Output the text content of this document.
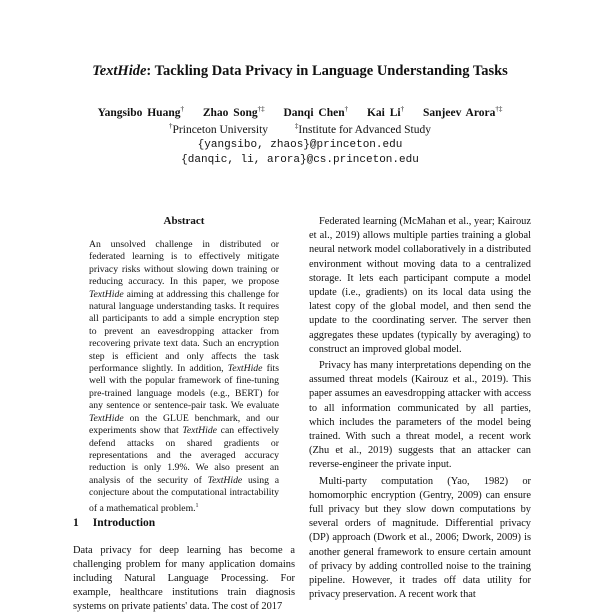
TextHide: Tackling Data Privacy in Language Understanding Tasks
Yangsibo Huang† Zhao Song†‡ Danqi Chen† Kai Li† Sanjeev Arora†‡
†Princeton University	‡Institute for Advanced Study
{yangsibo, zhaos}@princeton.edu
{danqic, li, arora}@cs.princeton.edu
Abstract
An unsolved challenge in distributed or federated learning is to effectively mitigate privacy risks without slowing down training or reducing accuracy. In this paper, we propose TextHide aiming at addressing this challenge for natural language understanding tasks. It requires all participants to add a simple encryption step to prevent an eavesdropping attacker from recovering private text data. Such an encryption step is efficient and only affects the task performance slightly. In addition, TextHide fits well with the popular framework of fine-tuning pre-trained language models (e.g., BERT) for any sentence or sentence-pair task. We evaluate TextHide on the GLUE benchmark, and our experiments show that TextHide can effectively defend attacks on shared gradients or representations and the averaged accuracy reduction is only 1.9%. We also present an analysis of the security of TextHide using a conjecture about the computational intractability of a mathematical problem.$^1$
1 Introduction
Data privacy for deep learning has become a challenging problem for many application domains including Natural Language Processing. For example, healthcare institutions train diagnosis systems on private patients' data. The cost of 2017

Federated learning (McMahan et al., year; Kairouz et al., 2019) allows multiple parties training a global neural network model collaboratively in a distributed environment without moving data to a centralized storage. It lets each participant compute a model update (i.e., gradients) on its local data using the latest copy of the global model, and then send the update to the coordinating server. The server then aggregates these updates (typically by averaging) to construct an improved global model.

Privacy has many interpretations depending on the assumed threat models (Kairouz et al., 2019). This paper assumes an eavesdropping attacker with access to all information communicated by all parties, which includes the parameters of the model being trained. With such a threat model, a recent work (Zhu et al., 2019) suggests that an attacker can reverse-engineer the private input.

Multi-party computation (Yao, 1982) or homomorphic encryption (Gentry, 2009) can ensure full privacy but they slow down computations by several orders of magnitude. Differential privacy (DP) approach (Dwork et al., 2006; Dwork, 2009) is another general framework to ensure certain amount of privacy by adding controlled noise to the training pipeline. However, it trades off data utility for privacy preservation. A recent work that
